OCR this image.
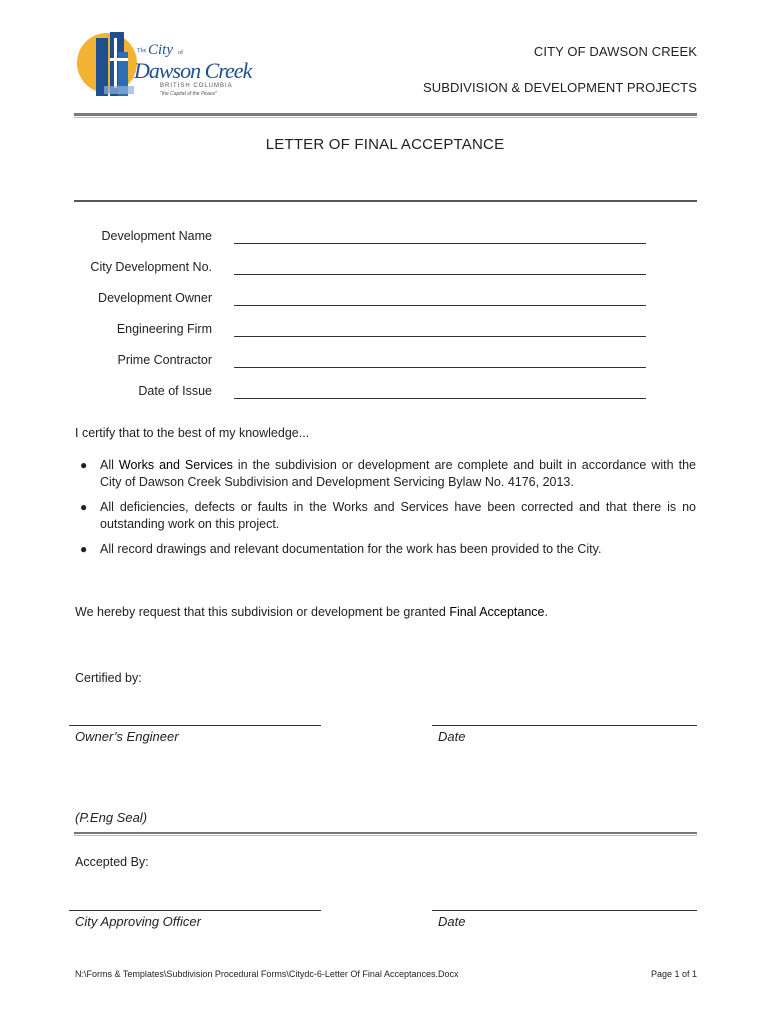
The City of
Dawson Creek
BRITISH COLUMBIA
"the Capital of the Peace"
CITY OF DAWSON CREEK
SUBDIVISION & DEVELOPMENT PROJECTS
LETTER OF FINAL ACCEPTANCE
Development Name
City Development No.
Development Owner
Engineering Firm
Prime Contractor
Date of Issue
I certify that to the best of my knowledge...
● All Works and Services in the subdivision or development are complete and built in accordance with the City of Dawson Creek Subdivision and Development Servicing Bylaw No. 4176, 2013.
● All deficiencies, defects or faults in the Works and Services have been corrected and that there is no outstanding work on this project.
● All record drawings and relevant documentation for the work has been provided to the City.
We hereby request that this subdivision or development be granted Final Acceptance.
Certified by:
Owner’s Engineer	Date
(P.Eng Seal)
Accepted By:
City Approving Officer	Date
N:\Forms & Templates\Subdivision Procedural Forms\Citydc-6-Letter Of Final Acceptances.Docx	Page 1 of 1
